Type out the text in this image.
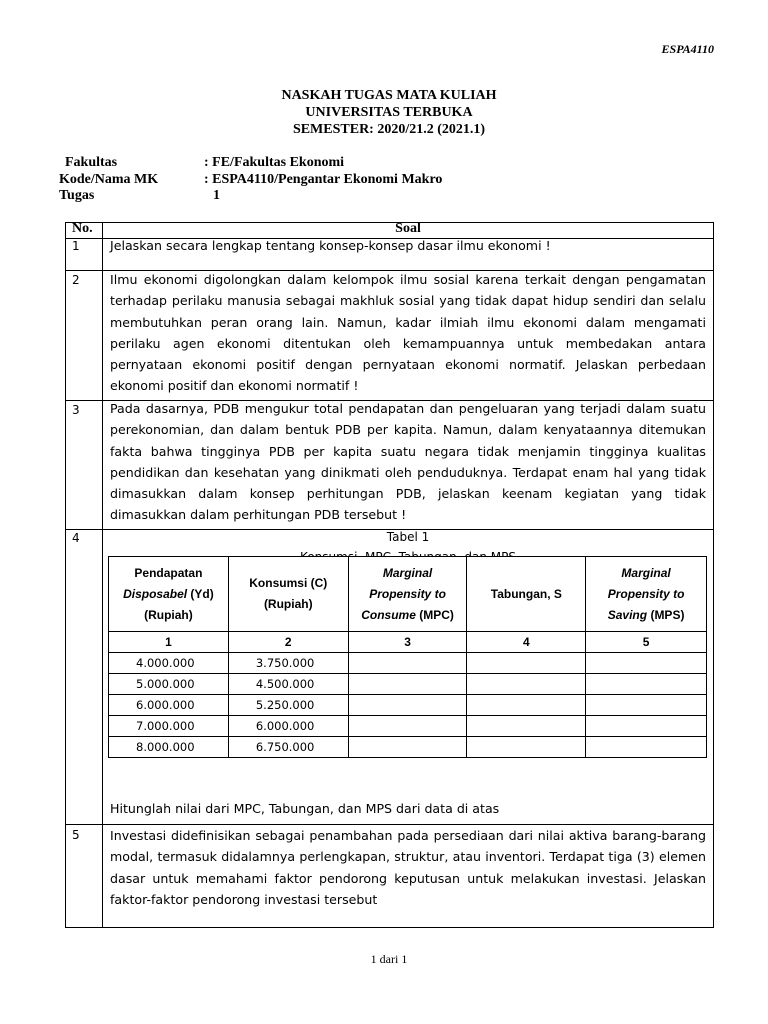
ESPA4110
NASKAH TUGAS MATA KULIAH
UNIVERSITAS TERBUKA
SEMESTER: 2020/21.2 (2021.1)
Fakultas	: FE/Fakultas Ekonomi
Kode/Nama MK	: ESPA4110/Pengantar Ekonomi Makro
Tugas	1
No.	Soal
1 Jelaskan secara lengkap tentang konsep-konsep dasar ilmu ekonomi !
2 Ilmu ekonomi digolongkan dalam kelompok ilmu sosial karena terkait dengan pengamatan terhadap perilaku manusia sebagai makhluk sosial yang tidak dapat hidup sendiri dan selalu membutuhkan peran orang lain. Namun, kadar ilmiah ilmu ekonomi dalam mengamati perilaku agen ekonomi ditentukan oleh kemampuannya untuk membedakan antara pernyataan ekonomi positif dengan pernyataan ekonomi normatif. Jelaskan perbedaan ekonomi positif dan ekonomi normatif !
3 Pada dasarnya, PDB mengukur total pendapatan dan pengeluaran yang terjadi dalam suatu perekonomian, dan dalam bentuk PDB per kapita. Namun, dalam kenyataannya ditemukan fakta bahwa tingginya PDB per kapita suatu negara tidak menjamin tingginya kualitas pendidikan dan kesehatan yang dinikmati oleh penduduknya. Terdapat enam hal yang tidak dimasukkan dalam konsep perhitungan PDB, jelaskan keenam kegiatan yang tidak dimasukkan dalam perhitungan PDB tersebut !
4	Tabel 1
Konsumsi, MPC, Tabungan, dan MPS
Pendapatan
Disposabel (Yd)
(Rupiah)	Konsumsi (C)
(Rupiah)	Marginal
Propensity to
Consume (MPC)	Tabungan, S	Marginal
Propensity to
Saving (MPS)
1	2	3	4	5
4.000.000	3.750.000			
5.000.000	4.500.000			
6.000.000	5.250.000			
7.000.000	6.000.000			
8.000.000	6.750.000			
Hitunglah nilai dari MPC, Tabungan, dan MPS dari data di atas
5 Investasi didefinisikan sebagai penambahan pada persediaan dari nilai aktiva barang-barang modal, termasuk didalamnya perlengkapan, struktur, atau inventori. Terdapat tiga (3) elemen dasar untuk memahami faktor pendorong keputusan untuk melakukan investasi. Jelaskan faktor-faktor pendorong investasi tersebut
1 dari 1
